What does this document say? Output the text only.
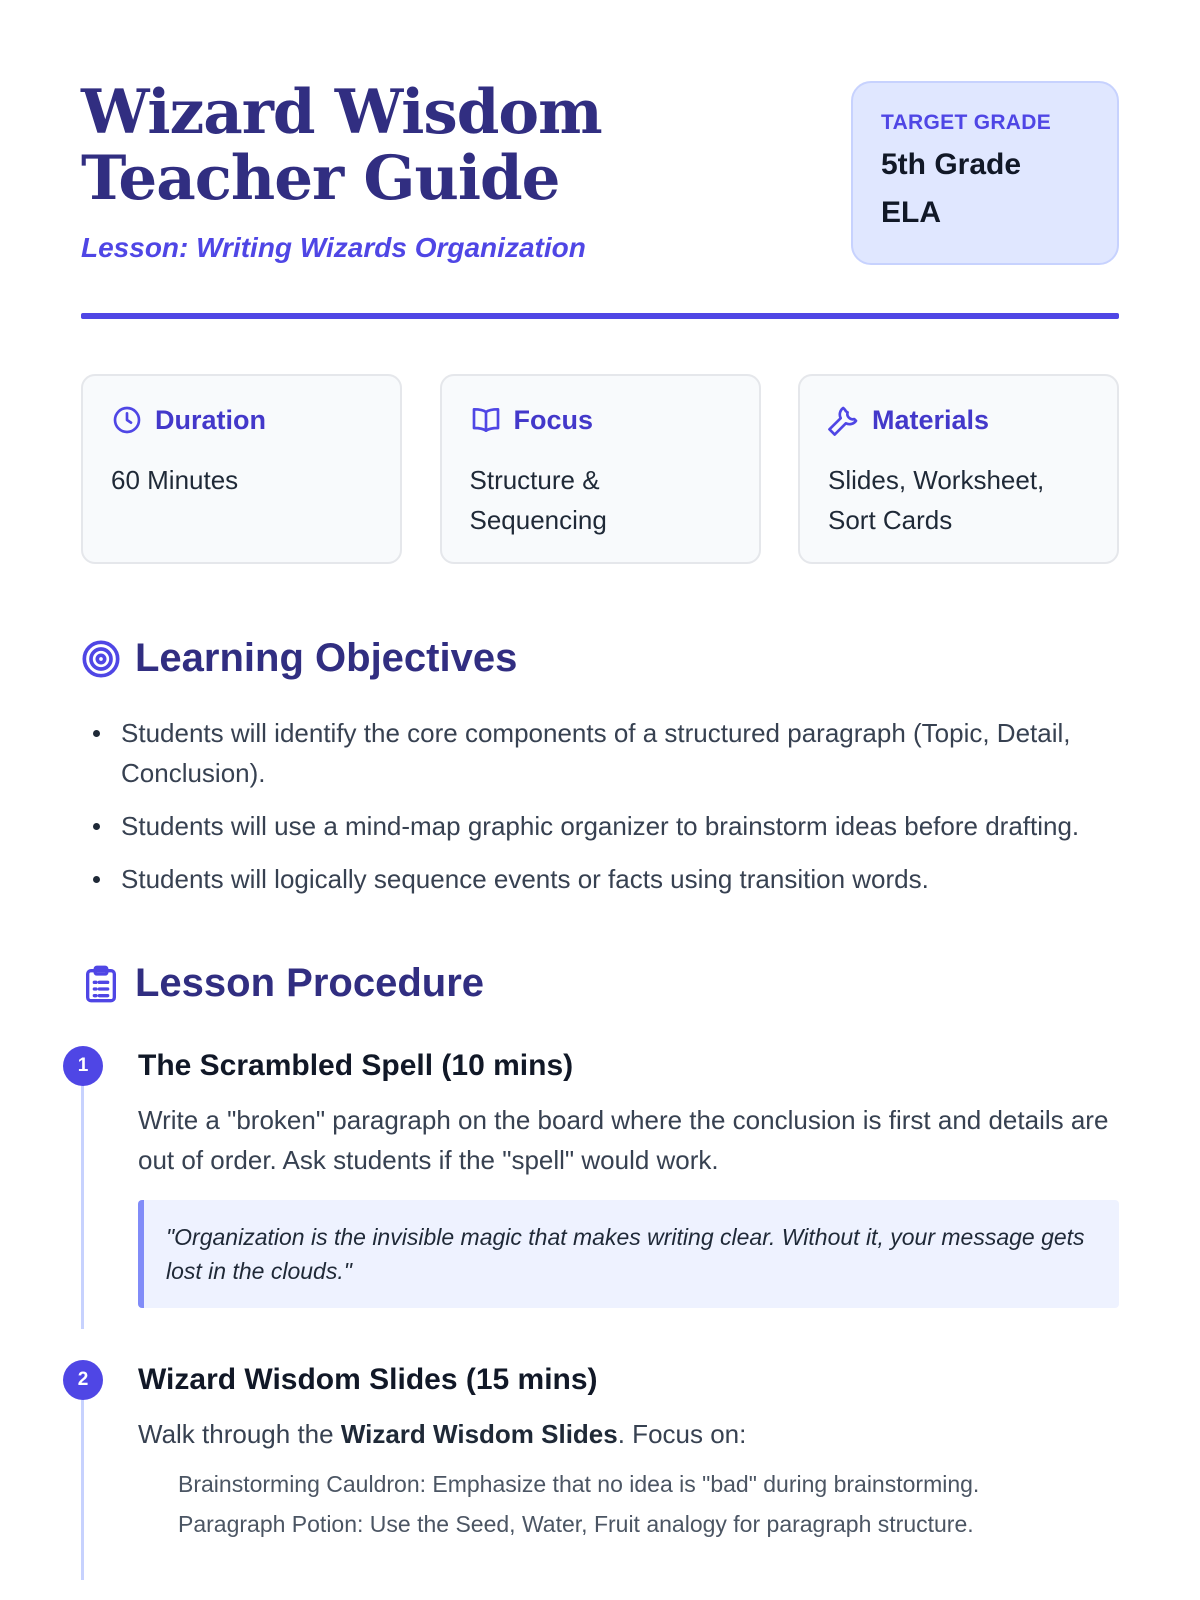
Wizard Wisdom Teacher Guide
Lesson: Writing Wizards Organization
TARGET GRADE
5th Grade ELA
Duration
60 Minutes
Focus
Structure & Sequencing
Materials
Slides, Worksheet, Sort Cards
Learning Objectives
Students will identify the core components of a structured paragraph (Topic, Detail, Conclusion).
Students will use a mind-map graphic organizer to brainstorm ideas before drafting.
Students will logically sequence events or facts using transition words.
Lesson Procedure
1	The Scrambled Spell (10 mins)
Write a "broken" paragraph on the board where the conclusion is first and details are out of order. Ask students if the "spell" would work.
"Organization is the invisible magic that makes writing clear. Without it, your message gets lost in the clouds."
2	Wizard Wisdom Slides (15 mins)
Walk through the Wizard Wisdom Slides. Focus on:
Brainstorming Cauldron: Emphasize that no idea is "bad" during brainstorming.
Paragraph Potion: Use the Seed, Water, Fruit analogy for paragraph structure.
